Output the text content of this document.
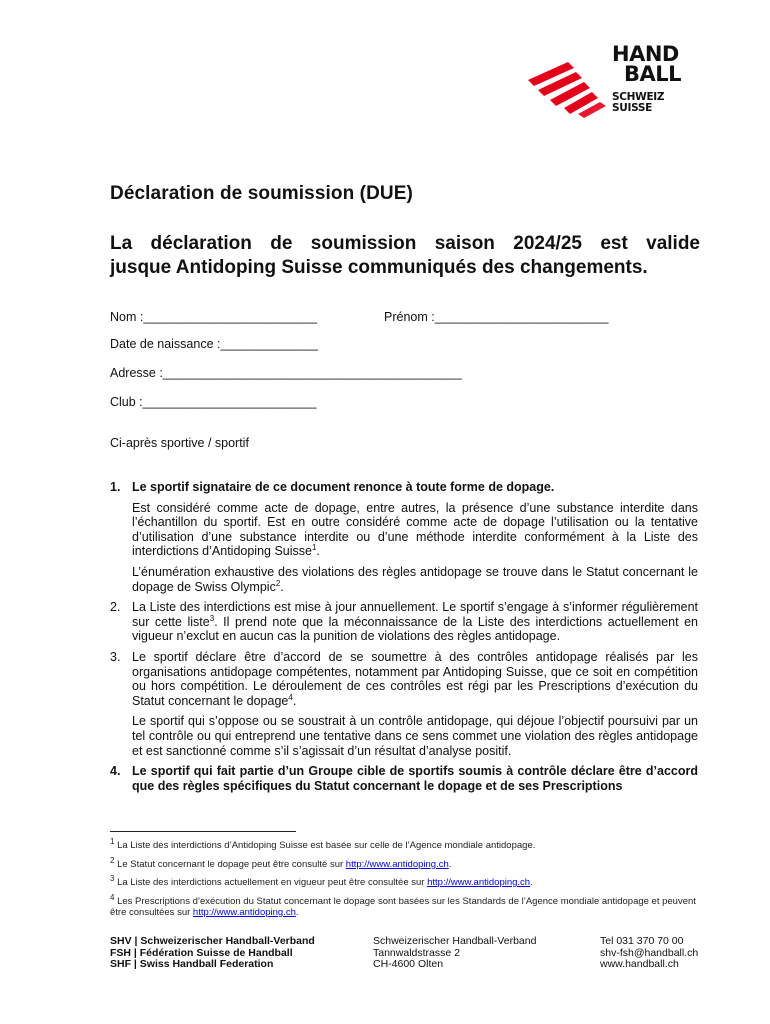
HAND
BALL
SCHWEIZ
SUISSE
Déclaration de soumission (DUE)
La déclaration de soumission saison 2024/25 est valide
jusque Antidoping Suisse communiqués des changements.
Nom :_________________________	Prénom :_________________________
Date de naissance :______________
Adresse :___________________________________________
Club :_________________________
Ci-après sportive / sportif
1. Le sportif signataire de ce document renonce à toute forme de dopage.

Est considéré comme acte de dopage, entre autres, la présence d’une substance interdite dans l’échantillon du sportif. Est en outre considéré comme acte de dopage l’utilisation ou la tentative d’utilisation d’une substance interdite ou d’une méthode interdite conformément à la Liste des interdictions d’Antidoping Suisse$^1$.

L’énumération exhaustive des violations des règles antidopage se trouve dans le Statut concernant le dopage de Swiss Olympic$^2$.

2. La Liste des interdictions est mise à jour annuellement. Le sportif s’engage à s’informer régulièrement sur cette liste$^3$. Il prend note que la méconnaissance de la Liste des interdictions actuellement en vigueur n’exclut en aucun cas la punition de violations des règles antidopage.

3. Le sportif déclare être d’accord de se soumettre à des contrôles antidopage réalisés par les organisations antidopage compétentes, notamment par Antidoping Suisse, que ce soit en compétition ou hors compétition. Le déroulement de ces contrôles est régi par les Prescriptions d’exécution du Statut concernant le dopage$^4$.

Le sportif qui s’oppose ou se soustrait à un contrôle antidopage, qui déjoue l’objectif poursuivi par un tel contrôle ou qui entreprend une tentative dans ce sens commet une violation des règles antidopage et est sanctionné comme s’il s’agissait d’un résultat d’analyse positif.

4. Le sportif qui fait partie d’un Groupe cible de sportifs soumis à contrôle déclare être d’accord que des règles spécifiques du Statut concernant le dopage et de ses Prescriptions

$^1$ La Liste des interdictions d’Antidoping Suisse est basée sur celle de l’Agence mondiale antidopage.

$^2$ Le Statut concernant le dopage peut être consulté sur http://www.antidoping.ch.

$^3$ La Liste des interdictions actuellement en vigueur peut être consultée sur http://www.antidoping.ch.

$^4$ Les Prescriptions d’exécution du Statut concernant le dopage sont basées sur les Standards de l’Agence mondiale antidopage et peuvent être consultées sur http://www.antidoping.ch.

SHV | Schweizerischer Handball-Verband
FSH | Fédération Suisse de Handball
SHF | Swiss Handball Federation
Schweizerischer Handball-Verband
Tannwaldstrasse 2
CH-4600 Olten
Tel 031 370 70 00
shv-fsh@handball.ch
www.handball.ch
